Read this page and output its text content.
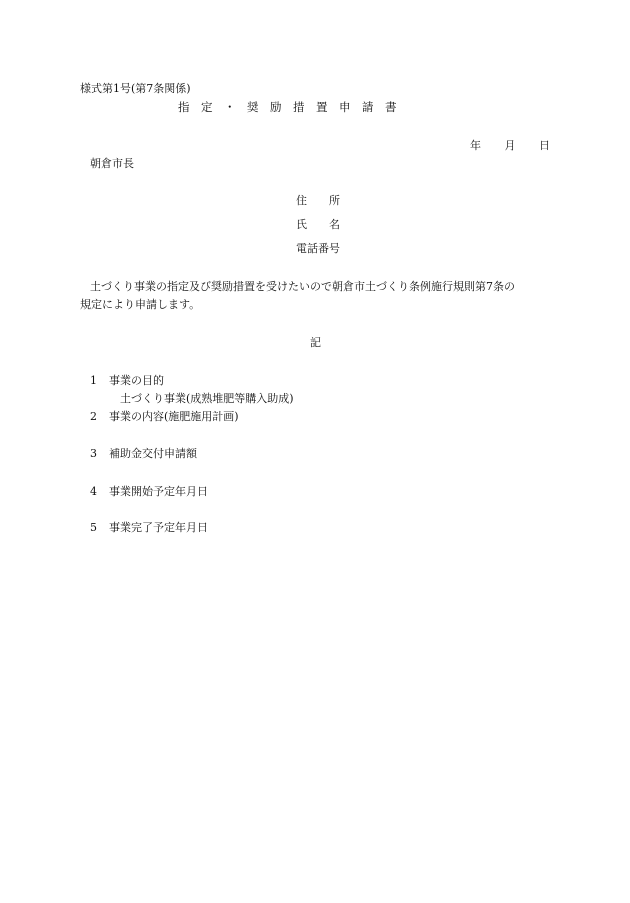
様式第1号(第7条関係)
指　定　・　奨　励　措　置　申　請　書
年 月 日
朝倉市長
住　　所
氏　　名
電話番号
土づくり事業の指定及び奨励措置を受けたいので朝倉市土づくり条例施行規則第7条の
規定により申請します。
記
1 事業の目的
土づくり事業(成熟堆肥等購入助成)
2 事業の内容(施肥施用計画)
3 補助金交付申請額
4 事業開始予定年月日
5 事業完了予定年月日
